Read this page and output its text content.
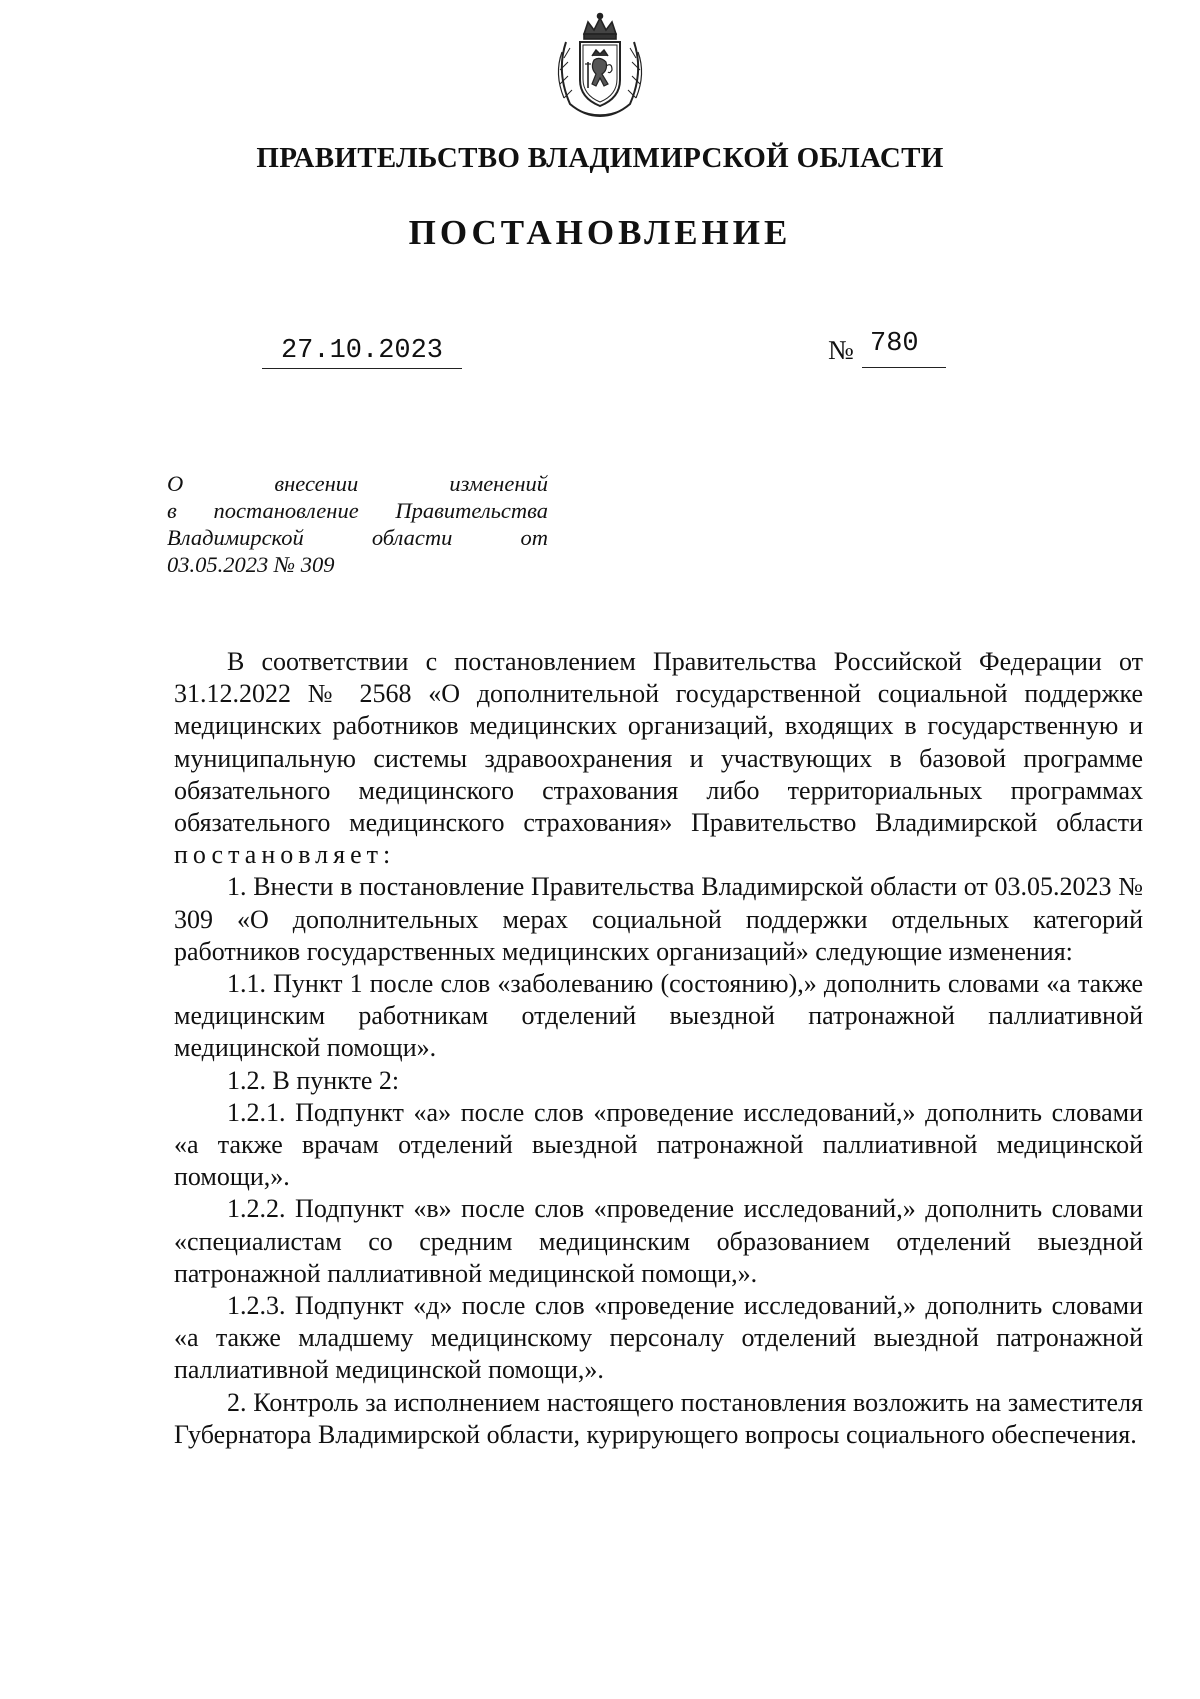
ПРАВИТЕЛЬСТВО ВЛАДИМИРСКОЙ ОБЛАСТИ
ПОСТАНОВЛЕНИЕ
27.10.2023	№ 780
О внесении изменений
в постановление Правительства
Владимирской области от
03.05.2023 № 309

В соответствии с постановлением Правительства Российской Федерации от 31.12.2022 № 2568 «О дополнительной государственной социальной поддержке медицинских работников медицинских организаций, входящих в государственную и муниципальную системы здравоохранения и участвующих в базовой программе обязательного медицинского страхования либо территориальных программах обязательного медицинского страхования» Правительство Владимирской области постановляет:

1. Внести в постановление Правительства Владимирской области от 03.05.2023 № 309 «О дополнительных мерах социальной поддержки отдельных категорий работников государственных медицинских организаций» следующие изменения:

1.1. Пункт 1 после слов «заболеванию (состоянию),» дополнить словами «а также медицинским работникам отделений выездной патронажной паллиативной медицинской помощи».

1.2. В пункте 2:

1.2.1. Подпункт «а» после слов «проведение исследований,» дополнить словами «а также врачам отделений выездной патронажной паллиативной медицинской помощи,».

1.2.2. Подпункт «в» после слов «проведение исследований,» дополнить словами «специалистам со средним медицинским образованием отделений выездной патронажной паллиативной медицинской помощи,».

1.2.3. Подпункт «д» после слов «проведение исследований,» дополнить словами «а также младшему медицинскому персоналу отделений выездной патронажной паллиативной медицинской помощи,».

2. Контроль за исполнением настоящего постановления возложить на заместителя Губернатора Владимирской области, курирующего вопросы социального обеспечения.
